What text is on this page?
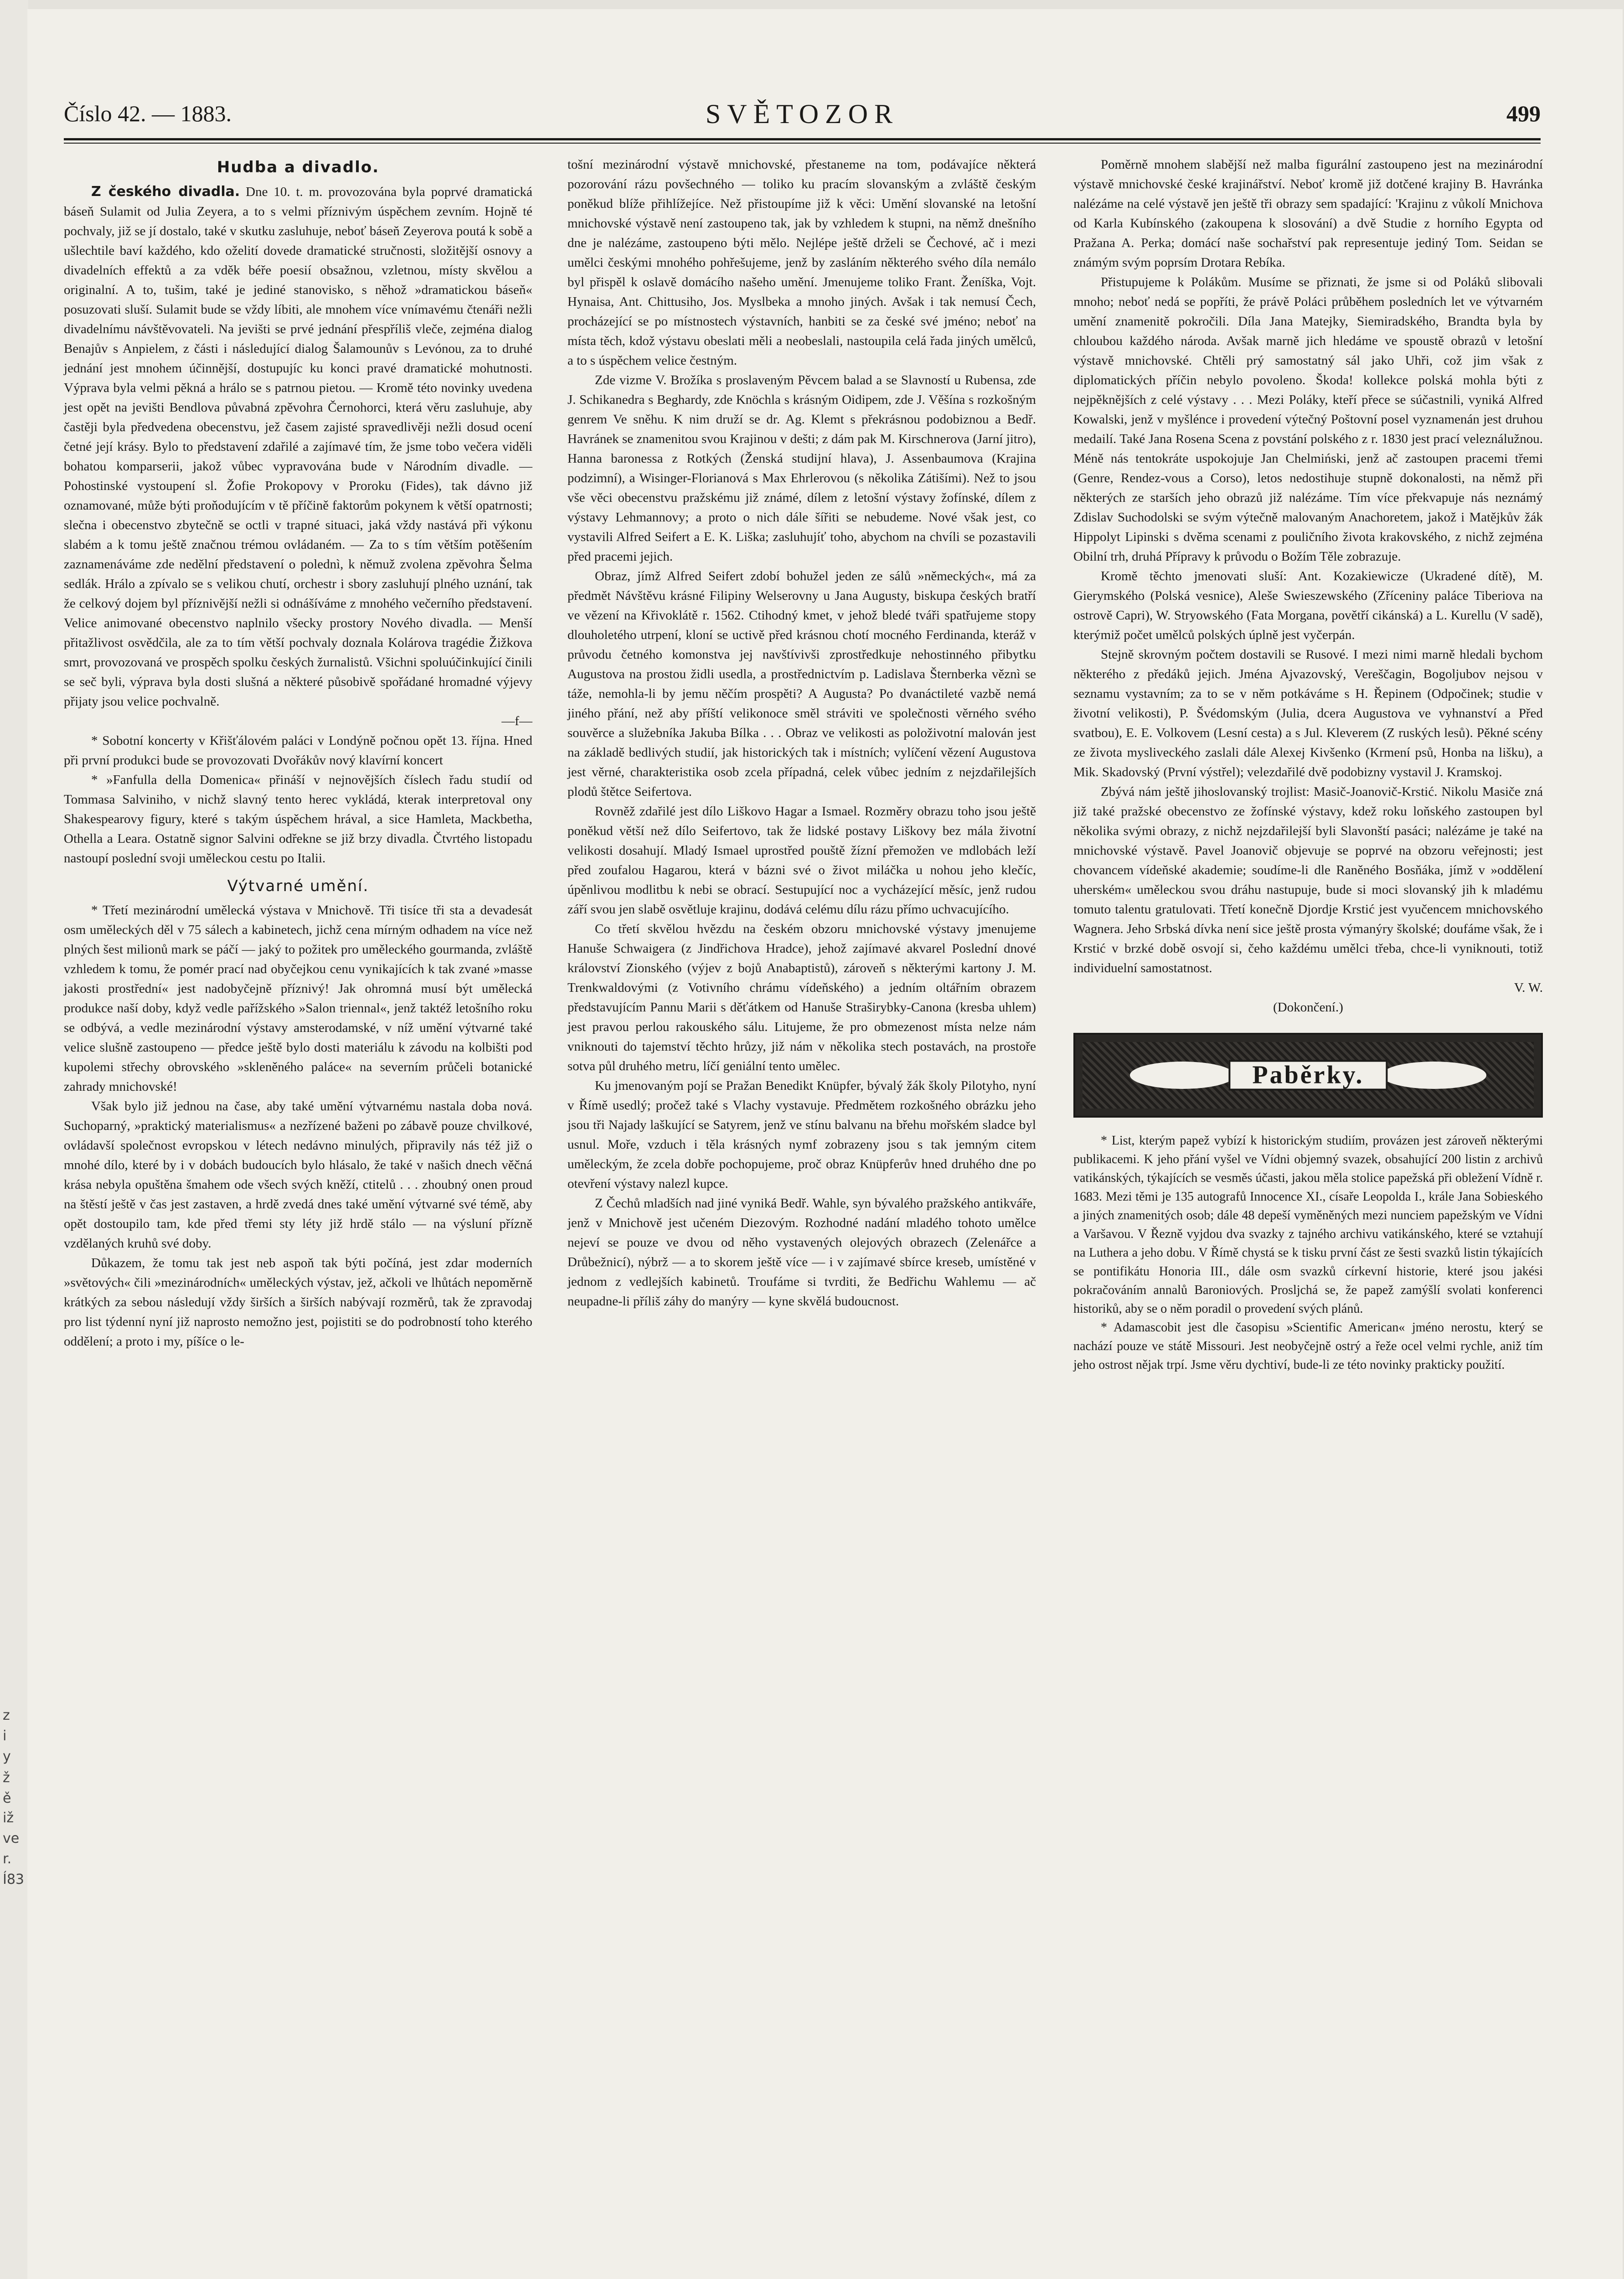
z
i
y
ž
ě
iž
ve
r.
Í83
Číslo 42. — 1883.	SVĚTOZOR	499
Hudba a divadlo.

Z českého divadla. Dne 10. t. m. provozována byla poprvé dramatická báseň Sulamit od Julia Zeyera, a to s velmi příznivým úspěchem zevním. Hojně té pochvaly, již se jí dostalo, také v skutku zasluhuje, neboť báseň Zeyerova poutá k sobě a ušlechtile baví každého, kdo oželití dovede dramatické stručnosti, složitější osnovy a divadelních effektů a za vděk béře poesií obsažnou, vzletnou, místy skvělou a originalní. A to, tušim, také je jediné stanovisko, s něhož »dramatickou báseň« posuzovati sluší. Sulamit bude se vždy líbiti, ale mnohem více vnímavému čtenáři nežli divadelnímu návštěvovateli. Na jevišti se prvé jednání přespříliš vleče, zejména dialog Benajův s Anpielem, z části i následující dialog Šalamounův s Levónou, za to druhé jednání jest mnohem účinnější, dostupujíc ku konci pravé dramatické mohutnosti. Výprava byla velmi pěkná a hrálo se s patrnou pietou. — Kromě této novinky uvedena jest opět na jevišti Bendlova půvabná zpěvohra Černohorci, která věru zasluhuje, aby častěji byla předvedena obecenstvu, jež časem zajisté spravedlivěji nežli dosud ocení četné její krásy. Bylo to představení zdařilé a zajímavé tím, že jsme tobo večera viděli bohatou komparserii, jakož vůbec vypravována bude v Národním divadle. — Pohostinské vystoupení sl. Žofie Prokopovy v Proroku (Fides), tak dávno již oznamované, může býti proňodujícím v tě příčině faktorům pokynem k větší opatrnosti; slečna i obecenstvo zbytečně se octli v trapné situaci, jaká vždy nastává při výkonu slabém a k tomu ještě značnou trémou ovládaném. — Za to s tím větším potěšením zaznamenáváme zde nedělní představení o polednì, k němuž zvolena zpěvohra Šelma sedlák. Hrálo a zpívalo se s velikou chutí, orchestr i sbory zasluhují plného uznání, tak že celkový dojem byl příznivější nežli si odnášíváme z mnohého večerního představení. Velice animované obecenstvo naplnilo všecky prostory Nového divadla. — Menší přitažlivost osvědčila, ale za to tím větší pochvaly doznala Kolárova tragédie Žižkova smrt, provozovaná ve prospěch spolku českých žurnalistů. Všichni spoluúčinkující činili se seč byli, výprava byla dosti slušná a některé působivě spořádané hromadné výjevy přijaty jsou velice pochvalně.

—f—

* Sobotní koncerty v Křišťálovém paláci v Londýně počnou opět 13. října. Hned při první produkci bude se provozovati Dvořákův nový klavírní koncert

* »Fanfulla della Domenica« přináší v nejnovějších číslech řadu studií od Tommasa Salviniho, v nichž slavný tento herec vykládá, kterak interpretoval ony Shakespearovy figury, které s takým úspěchem hrával, a sice Hamleta, Mackbetha, Othella a Leara. Ostatně signor Salvini odřekne se již brzy divadla. Čtvrtého listopadu nastoupí poslední svoji uměleckou cestu po Italii.

Výtvarné umění.

* Třetí mezinárodní umělecká výstava v Mnichově. Tři tisíce tři sta a devadesát osm uměleckých děl v 75 sálech a kabinetech, jichž cena mírným odhadem na více než plných šest milionů mark se páčí — jaký to požitek pro uměleckého gourmanda, zvláště vzhledem k tomu, že pomér prací nad obyčejkou cenu vynikajících k tak zvané »masse jakosti prostřední« jest nadobyčejně příznivý! Jak ohromná musí být umělecká produkce naší doby, když vedle pařížského »Salon triennal«, jenž taktéž letošního roku se odbývá, a vedle mezinárodní výstavy amsterodamské, v níž umění výtvarné také velice slušně zastoupeno — předce ještě bylo dosti materiálu k závodu na kolbišti pod kupolemi střechy obrovského »skleněného paláce« na severním průčeli botanické zahrady mnichovské!

Však bylo již jednou na čase, aby také umění výtvarnému nastala doba nová. Suchoparný, »praktický materialismus« a nezřízené baženi po zábavě pouze chvilkové, ovládavší společnost evropskou v létech nedávno minulých, připravily nás též již o mnohé dílo, které by i v dobách budoucích bylo hlásalo, že také v našich dnech věčná krása nebyla opuštěna šmahem ode všech svých kněží, ctitelů . . . zhoubný onen proud na štěstí ještě v čas jest zastaven, a hrdě zvedá dnes také umění výtvarné své témě, aby opět dostoupilo tam, kde před třemi sty léty již hrdě stálo — na výsluní přízně vzdělaných kruhů své doby.

Důkazem, že tomu tak jest neb aspoň tak býti počíná, jest zdar moderních »světových« čili »mezinárodních« uměleckých výstav, jež, ačkoli ve lhůtách nepoměrně krátkých za sebou následují vždy širších a širších nabývají rozměrů, tak že zpravodaj pro list týdenní nyní již naprosto nemožno jest, pojistiti se do podrobností toho kterého oddělení; a proto i my, píšíce o le-

tošní mezinárodní výstavě mnichovské, přestaneme na tom, podávajíce některá pozorování rázu povšechného — toliko ku pracím slovanským a zvláště českým poněkud blíže přihlížejíce. Než přistoupíme již k věci: Umění slovanské na letošní mnichovské výstavě není zastoupeno tak, jak by vzhledem k stupni, na němž dnešního dne je nalézáme, zastoupeno býti mělo. Nejlépe ještě drželi se Čechové, ač i mezi umělci českými mnohého pohřešujeme, jenž by zasláním některého svého díla nemálo byl přispěl k oslavě domácího našeho umění. Jmenujeme toliko Frant. Ženíška, Vojt. Hynaisa, Ant. Chittusiho, Jos. Myslbeka a mnoho jiných. Avšak i tak nemusí Čech, procházející se po místnostech výstavních, hanbiti se za české své jméno; neboť na místa těch, kdož výstavu obeslati měli a neobeslali, nastoupila celá řada jiných umělců, a to s úspěchem velice čestným.

Zde vizme V. Brožíka s proslaveným Pěvcem balad a se Slavností u Rubensa, zde J. Schikanedra s Beghardy, zde Knöchla s krásným Oidipem, zde J. Věšína s rozkošným genrem Ve sněhu. K nim druží se dr. Ag. Klemt s překrásnou podobiznou a Bedř. Havránek se znamenitou svou Krajinou v dešti; z dám pak M. Kirschnerova (Jarní jitro), Hanna baronessa z Rotkých (Ženská studijní hlava), J. Assenbaumova (Krajina podzimní), a Wisinger-Florianová s Max Ehrlerovou (s několika Zátišími). Než to jsou vše věci obecenstvu pražskému již známé, dílem z letošní výstavy žofínské, dílem z výstavy Lehmannovy; a proto o nich dále šířiti se nebudeme. Nové však jest, co vystavili Alfred Seifert a E. K. Liška; zasluhujíť toho, abychom na chvíli se pozastavili před pracemi jejich.

Obraz, jímž Alfred Seifert zdobí bohužel jeden ze sálů »německých«, má za předmět Návštěvu krásné Filipiny Welserovny u Jana Augusty, biskupa českých bratří ve vězení na Křivoklátě r. 1562. Ctihodný kmet, v jehož bledé tváři spatřujeme stopy dlouholetého utrpení, kloní se uctivě před krásnou chotí mocného Ferdinanda, kteráž v průvodu četného komonstva jej navštívivši zprostředkuje nehostinného přibytku Augustova na prostou židli usedla, a prostřednictvím p. Ladislava Šternberka věznì se táže, nemohla-li by jemu něčím prospěti? A Augusta? Po dvanáctileté vazbě nemá jiného přání, než aby příští velikonoce směl stráviti ve společnosti věrného svého souvěrce a služebníka Jakuba Bílka . . . Obraz ve velikosti as položivotní malován jest na základě bedlivých studií, jak historických tak i místních; vylíčení vězení Augustova jest věrné, charakteristika osob zcela případná, celek vůbec jedním z nejzdařilejších plodů štětce Seifertova.

Rovněž zdařilé jest dílo Liškovo Hagar a Ismael. Rozměry obrazu toho jsou ještě poněkud větší než dílo Seifertovo, tak že lidské postavy Liškovy bez mála životní velikosti dosahují. Mladý Ismael uprostřed pouště žízní přemožen ve mdlobách leží před zoufalou Hagarou, která v bázni své o život miláčka u nohou jeho klečíc, úpěnlivou modlitbu k nebi se obrací. Sestupující noc a vycházející měsíc, jenž rudou září svou jen slabě osvětluje krajinu, dodává celému dílu rázu přímo uchvacujícího.

Co třetí skvělou hvězdu na českém obzoru mnichovské výstavy jmenujeme Hanuše Schwaigera (z Jindřichova Hradce), jehož zajímavé akvarel Poslední dnové království Zionského (výjev z bojů Anabaptistů), zároveň s některými kartony J. M. Trenkwaldovými (z Votivního chrámu vídeňského) a jedním oltářním obrazem představujícím Pannu Marii s děťátkem od Hanuše Straširybky-Canona (kresba uhlem) jest pravou perlou rakouského sálu. Litujeme, že pro obmezenost místa nelze nám vniknouti do tajemství těchto hrůzy, již nám v několika stech postavách, na prostoře sotva půl druhého metru, líčí geniální tento umělec.

Ku jmenovaným pojí se Pražan Benedikt Knüpfer, bývalý žák školy Pilotyho, nyní v Římě usedlý; pročež také s Vlachy vystavuje. Předmětem rozkošného obrázku jeho jsou tři Najady laškující se Satyrem, jenž ve stínu balvanu na břehu mořském sladce byl usnul. Moře, vzduch i těla krásných nymf zobrazeny jsou s tak jemným citem uměleckým, že zcela dobře pochopujeme, proč obraz Knüpferův hned druhého dne po otevření výstavy nalezl kupce.

Z Čechů mladších nad jiné vyniká Bedř. Wahle, syn bývalého pražského antikváře, jenž v Mnichově jest učeném Diezovým. Rozhodné nadání mladého tohoto umělce nejeví se pouze ve dvou od něho vystavených olejových obrazech (Zelenářce a Drůbežnicí), nýbrž — a to skorem ještě více — i v zajímavé sbírce kreseb, umístěné v jednom z vedlejších kabinetů. Troufáme si tvrditi, že Bedřichu Wahlemu — ač neupadne-li příliš záhy do manýry — kyne skvělá budoucnost.

Poměrně mnohem slabější než malba figurální zastoupeno jest na mezinárodní výstavě mnichovské české krajinářství. Neboť kromě již dotčené krajiny B. Havránka nalézáme na celé výstavě jen ještě tři obrazy sem spadající: 'Krajinu z vůkolí Mnichova od Karla Kubínského (zakoupena k slosování) a dvě Studie z horního Egypta od Pražana A. Perka; domácí naše sochařství pak representuje jediný Tom. Seidan se známým svým poprsím Drotara Rebíka.

Přistupujeme k Polákům. Musíme se přiznati, že jsme si od Poláků slibovali mnoho; neboť nedá se popříti, že právě Poláci průběhem posledních let ve výtvarném umění znamenitě pokročili. Díla Jana Matejky, Siemiradského, Brandta byla by chloubou každého národa. Avšak marně jich hledáme ve spoustě obrazů v letošní výstavě mnichovské. Chtěli prý samostatný sál jako Uhři, což jim však z diplomatických příčin nebylo povoleno. Škoda! kollekce polská mohla býti z nejpěknějších z celé výstavy . . . Mezi Poláky, kteří přece se súčastnili, vyniká Alfred Kowalski, jenž v myšlénce i provedení výtečný Poštovní posel vyznamenán jest druhou medailí. Také Jana Rosena Scena z povstání polského z r. 1830 jest prací veleználužnou. Méně nás tentokráte uspokojuje Jan Chelmiński, jenž ač zastoupen pracemi třemi (Genre, Rendez-vous a Corso), letos nedostihuje stupně dokonalosti, na němž při některých ze starších jeho obrazů již nalézáme. Tím více překvapuje nás neznámý Zdislav Suchodolski se svým výtečně malovaným Anachoretem, jakož i Matějkův žák Hippolyt Lipinski s dvěma scenami z pouličního života krakovského, z nichž zejména Obilní trh, druhá Přípravy k průvodu o Božím Těle zobrazuje.

Kromě těchto jmenovati sluší: Ant. Kozakiewicze (Ukradené dítě), M. Gierymského (Polská vesnice), Aleše Swieszewského (Zříceniny paláce Tiberiova na ostrově Capri), W. Stryowského (Fata Morgana, povětří cikánská) a L. Kurellu (V sadě), kterýmiž počet umělců polských úplně jest vyčerpán.

Stejně skrovným počtem dostavili se Rusové. I mezi nimi marně hledali bychom některého z předáků jejich. Jména Ajvazovský, Vereščagin, Bogoljubov nejsou v seznamu vystavním; za to se v něm potkáváme s H. Řepinem (Odpočinek; studie v životní velikosti), P. Švédomským (Julia, dcera Augustova ve vyhnanství a Před svatbou), E. E. Volkovem (Lesní cesta) a s Jul. Kleverem (Z ruských lesů). Pěkné scény ze života mysliveckého zaslali dále Alexej Kivšenko (Krmení psů, Honba na lišku), a Mik. Skadovský (První výstřel); velezdařilé dvě podobizny vystavil J. Kramskoj.

Zbývá nám ještě jihoslovanský trojlist: Masič-Joanovič-Krstić. Nikolu Masiče zná již také pražské obecenstvo ze žofínské výstavy, kdež roku loňského zastoupen byl několika svými obrazy, z nichž nejzdařilejší byli Slavonští pasáci; nalézáme je také na mnichovské výstavě. Pavel Joanovič objevuje se poprvé na obzoru veřejnosti; jest chovancem vídeňské akademie; soudíme-li dle Raněného Bosňáka, jímž v »oddělení uherském« uměleckou svou dráhu nastupuje, bude si moci slovanský jih k mladému tomuto talentu gratulovati. Třetí konečně Djordje Krstić jest vyučencem mnichovského Wagnera. Jeho Srbská dívka není sice ještě prosta výmanýry školské; doufáme však, že i Krstić v brzké době osvojí si, čeho každému umělci třeba, chce-li vyniknouti, totiž individuelní samostatnost.

V. W.

(Dokončení.)

Paběrky.

* List, kterým papež vybízí k historickým studiím, provázen jest zároveň některými publikacemi. K jeho přání vyšel ve Vídni objemný svazek, obsahující 200 listin z archivů vatikánských, týkajících se vesměs účasti, jakou měla stolice papežská při obležení Vídně r. 1683. Mezi těmi je 135 autografů Innocence XI., císaře Leopolda I., krále Jana Sobieského a jiných znamenitých osob; dále 48 depeší vyměněných mezi nunciem papežským ve Vídni a Varšavou. V Řezně vyjdou dva svazky z tajného archivu vatikánského, které se vztahují na Luthera a jeho dobu. V Římě chystá se k tisku první část ze šesti svazků listin týkajících se pontifikátu Honoria III., dále osm svazků církevní historie, které jsou jakési pokračováním annalů Baroniových. Prosljchá se, že papež zamýšlí svolati konferenci historiků, aby se o něm poradil o provedení svých plánů.

* Adamascobit jest dle časopisu »Scientific American« jméno nerostu, který se nachází pouze ve státě Missouri. Jest neobyčejně ostrý a řeže ocel velmi rychle, aniž tím jeho ostrost nějak trpí. Jsme věru dychtiví, bude-li ze této novinky prakticky použití.
